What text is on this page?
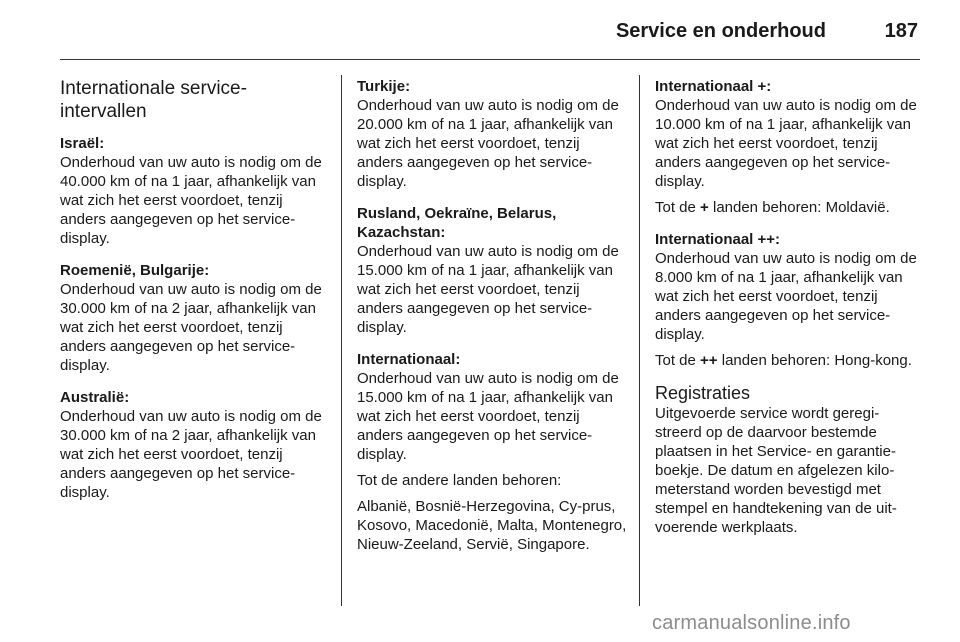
Service en onderhoud	187
Internationale service-intervallen
Israël:
Onderhoud van uw auto is nodig om de 40.000 km of na 1 jaar, afhankelijk van wat zich het eerst voordoet, tenzij anders aangegeven op het service-display.
Roemenië, Bulgarije:
Onderhoud van uw auto is nodig om de 30.000 km of na 2 jaar, afhankelijk van wat zich het eerst voordoet, tenzij anders aangegeven op het service-display.
Australië:
Onderhoud van uw auto is nodig om de 30.000 km of na 2 jaar, afhankelijk van wat zich het eerst voordoet, tenzij anders aangegeven op het service-display.
Turkije:
Onderhoud van uw auto is nodig om de 20.000 km of na 1 jaar, afhankelijk van wat zich het eerst voordoet, tenzij anders aangegeven op het service-display.
Rusland, Oekraïne, Belarus, Kazachstan:
Onderhoud van uw auto is nodig om de 15.000 km of na 1 jaar, afhankelijk van wat zich het eerst voordoet, tenzij anders aangegeven op het service-display.
Internationaal:
Onderhoud van uw auto is nodig om de 15.000 km of na 1 jaar, afhankelijk van wat zich het eerst voordoet, tenzij anders aangegeven op het service-display.
Tot de andere landen behoren:
Albanië, Bosnië-Herzegovina, Cy-prus, Kosovo, Macedonië, Malta, Montenegro, Nieuw-Zeeland, Servië, Singapore.
Internationaal +:
Onderhoud van uw auto is nodig om de 10.000 km of na 1 jaar, afhankelijk van wat zich het eerst voordoet, tenzij anders aangegeven op het service-display.
Tot de + landen behoren: Moldavië.
Internationaal ++:
Onderhoud van uw auto is nodig om de 8.000 km of na 1 jaar, afhankelijk van wat zich het eerst voordoet, tenzij anders aangegeven op het service-display.
Tot de ++ landen behoren: Hong-kong.
Registraties
Uitgevoerde service wordt geregi-streerd op de daarvoor bestemde plaatsen in het Service- en garantie-boekje. De datum en afgelezen kilo-meterstand worden bevestigd met stempel en handtekening van de uit-voerende werkplaats.
carmanualsonline.info
